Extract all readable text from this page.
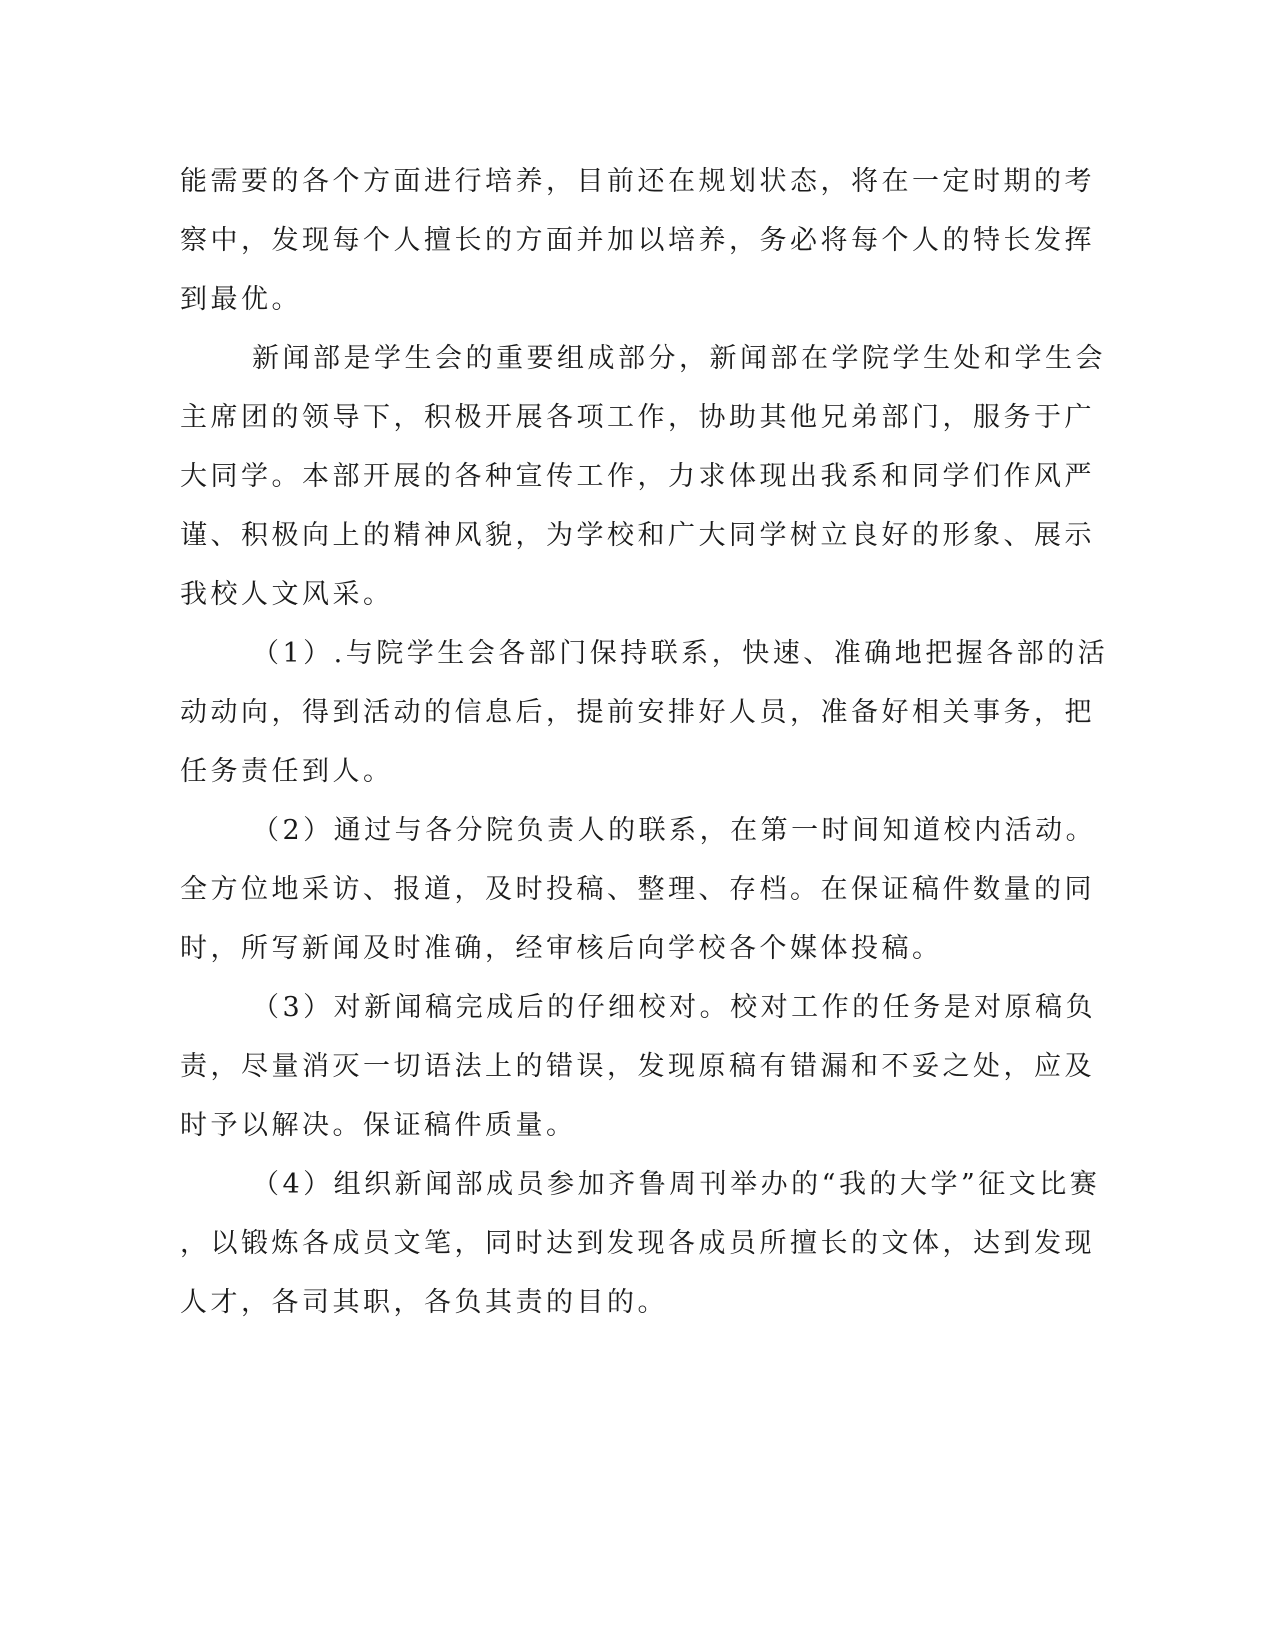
能需要的各个方面进行培养，目前还在规划状态，将在一定时期的考
察中，发现每个人擅长的方面并加以培养，务必将每个人的特长发挥
到最优。
新闻部是学生会的重要组成部分，新闻部在学院学生处和学生会
主席团的领导下，积极开展各项工作，协助其他兄弟部门，服务于广
大同学。本部开展的各种宣传工作，力求体现出我系和同学们作风严
谨、积极向上的精神风貌，为学校和广大同学树立良好的形象、展示
我校人文风采。
（1）.与院学生会各部门保持联系，快速、准确地把握各部的活
动动向，得到活动的信息后，提前安排好人员，准备好相关事务，把
任务责任到人。
（2）通过与各分院负责人的联系，在第一时间知道校内活动。
全方位地采访、报道，及时投稿、整理、存档。在保证稿件数量的同
时，所写新闻及时准确，经审核后向学校各个媒体投稿。
（3）对新闻稿完成后的仔细校对。校对工作的任务是对原稿负
责，尽量消灭一切语法上的错误，发现原稿有错漏和不妥之处，应及
时予以解决。保证稿件质量。
（4）组织新闻部成员参加齐鲁周刊举办的“我的大学”征文比赛
，以锻炼各成员文笔，同时达到发现各成员所擅长的文体，达到发现
人才，各司其职，各负其责的目的。
